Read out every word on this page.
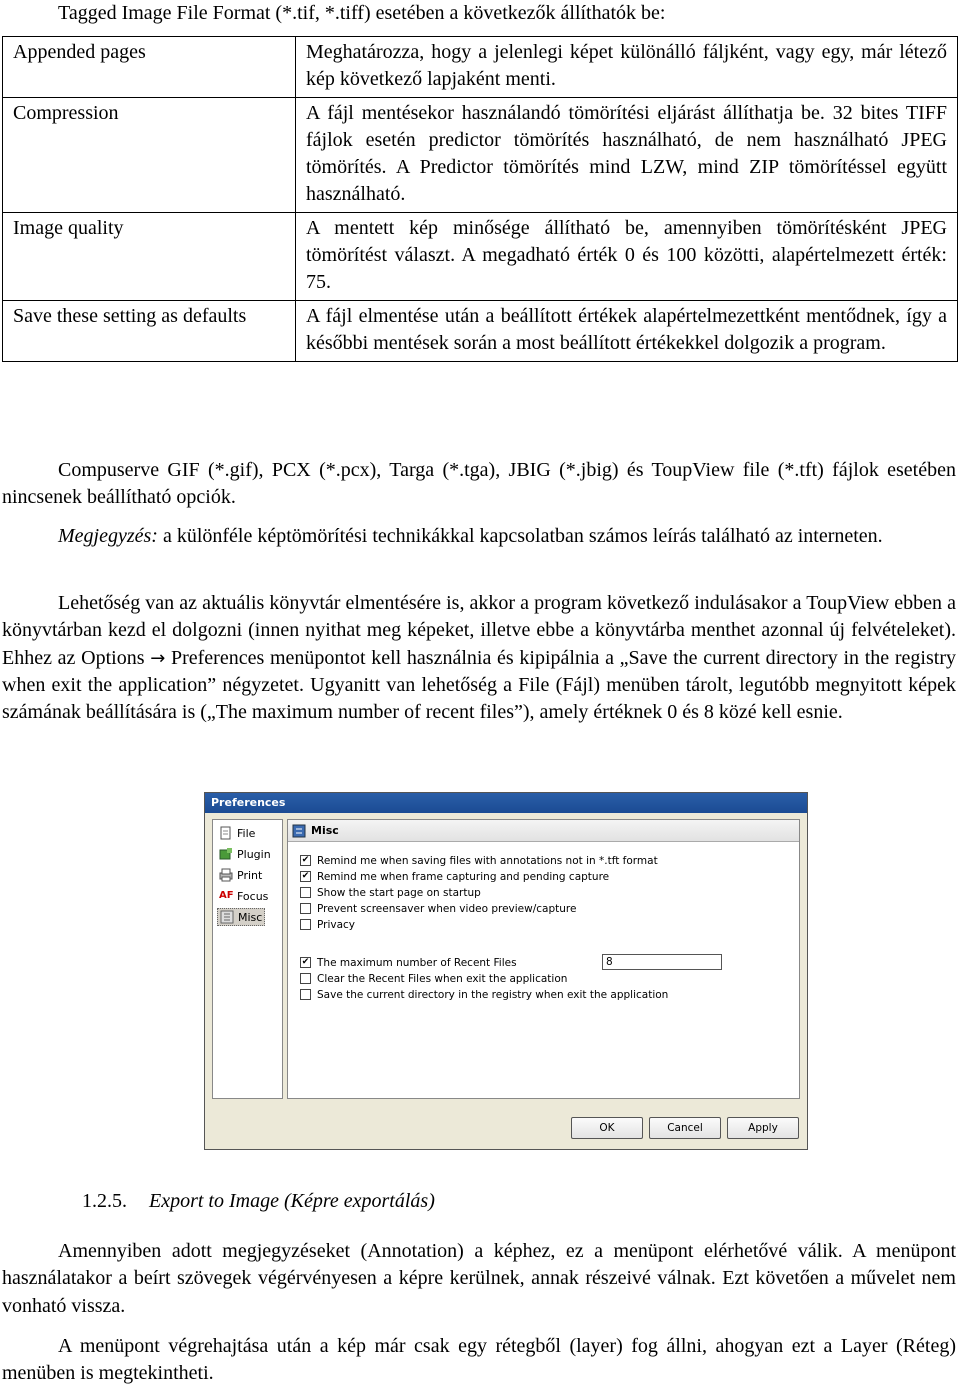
Tagged Image File Format (*.tif, *.tiff) esetében a következők állíthatók be:
Appended pages	Meghatározza, hogy a jelenlegi képet különálló fáljként, vagy egy, már létező kép következő lapjaként menti.
Compression	A fájl mentésekor használandó tömörítési eljárást állíthatja be. 32 bites TIFF fájlok esetén predictor tömörítés használható, de nem használható JPEG tömörítés. A Predictor tömörítés mind LZW, mind ZIP tömörítéssel együtt használható.
Image quality	A mentett kép minősége állítható be, amennyiben tömörítésként JPEG tömörítést választ. A megadható érték 0 és 100 közötti, alapértelmezett érték: 75.
Save these setting as defaults	A fájl elmentése után a beállított értékek alapértelmezettként mentődnek, így a későbbi mentések során a most beállított értékekkel dolgozik a program.
Compuserve GIF (*.gif), PCX (*.pcx), Targa (*.tga), JBIG (*.jbig) és ToupView file (*.tft) fájlok esetében nincsenek beállítható opciók.
Megjegyzés: a különféle képtömörítési technikákkal kapcsolatban számos leírás található az interneten.
Lehetőség van az aktuális könyvtár elmentésére is, akkor a program következő indulásakor a ToupView ebben a könyvtárban kezd el dolgozni (innen nyithat meg képeket, illetve ebbe a könyvtárba menthet azonnal új felvételeket). Ehhez az Options → Preferences menüpontot kell használnia és kipipálnia a „Save the current directory in the registry when exit the application” négyzetet. Ugyanitt van lehetőség a File (Fájl) menüben tárolt, legutóbb megnyitott képek számának beállítására is („The maximum number of recent files”), amely értéknek 0 és 8 közé kell esnie.
Preferences
File
Plugin
Print
AF Focus
Misc
Misc
✔ Remind me when saving files with annotations not in *.tft format
✔ Remind me when frame capturing and pending capture
Show the start page on startup
Prevent screensaver when video preview/capture
Privacy
✔ The maximum number of Recent Files	8
Clear the Recent Files when exit the application
Save the current directory in the registry when exit the application
OK	Cancel	Apply
1.2.5. Export to Image (Képre exportálás)
Amennyiben adott megjegyzéseket (Annotation) a képhez, ez a menüpont elérhetővé válik. A menüpont használatakor a beírt szövegek végérvényesen a képre kerülnek, annak részeivé válnak. Ezt követően a művelet nem vonható vissza.
A menüpont végrehajtása után a kép már csak egy rétegből (layer) fog állni, ahogyan ezt a Layer (Réteg) menüben is megtekintheti.
